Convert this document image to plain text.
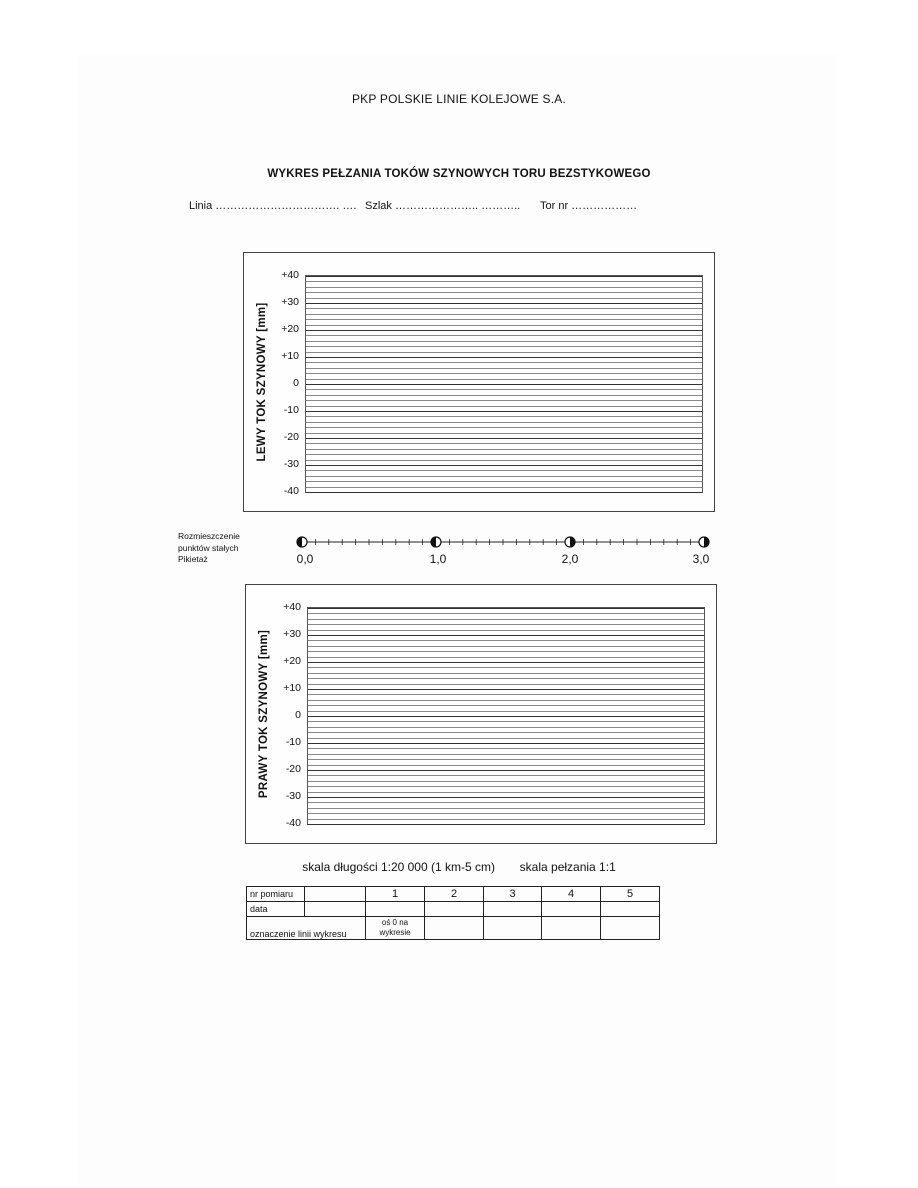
PKP POLSKIE LINIE KOLEJOWE S.A.
WYKRES PEŁZANIA TOKÓW SZYNOWYCH TORU BEZSTYKOWEGO
Linia ……………………………. …. Szlak ………………….. ……….. Tor nr ………………
LEWY TOK SZYNOWY [mm]
+40
+30
+20
+10
0
-10
-20
-30
-40
Rozmieszczenie
punktów stałych
Pikietaż	0,0	1,0	2,0	3,0
PRAWY TOK SZYNOWY [mm]
+40
+30
+20
+10
0
-10
-20
-30
-40
skala długości 1:20 000 (1 km-5 cm) skala pełzania 1:1
nr pomiaru		1	2	3	4	5
data						
oznaczenie linii wykresu		oś 0 na wykresie				
